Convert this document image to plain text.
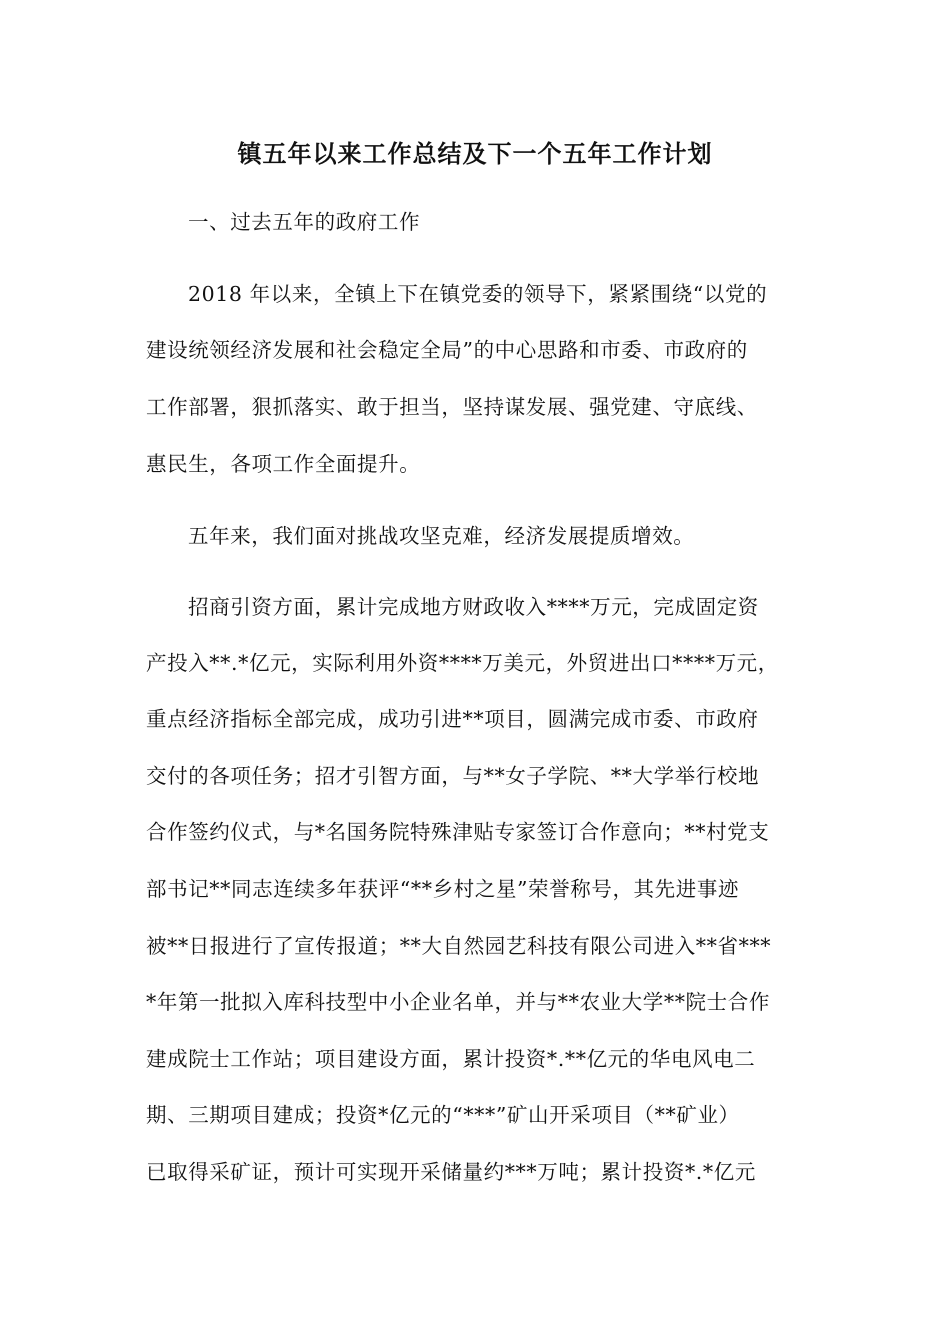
镇五年以来工作总结及下一个五年工作计划
一、过去五年的政府工作
2018 年以来，全镇上下在镇党委的领导下，紧紧围绕“以党的
建设统领经济发展和社会稳定全局”的中心思路和市委、市政府的
工作部署，狠抓落实、敢于担当，坚持谋发展、强党建、守底线、
惠民生，各项工作全面提升。
五年来，我们面对挑战攻坚克难，经济发展提质增效。
招商引资方面，累计完成地方财政收入****万元，完成固定资
产投入**.*亿元，实际利用外资****万美元，外贸进出口****万元，
重点经济指标全部完成，成功引进**项目，圆满完成市委、市政府
交付的各项任务；招才引智方面，与**女子学院、**大学举行校地
合作签约仪式，与*名国务院特殊津贴专家签订合作意向；**村党支
部书记**同志连续多年获评“**乡村之星”荣誉称号，其先进事迹
被**日报进行了宣传报道；**大自然园艺科技有限公司进入**省***
*年第一批拟入库科技型中小企业名单，并与**农业大学**院士合作
建成院士工作站；项目建设方面，累计投资*.**亿元的华电风电二
期、三期项目建成；投资*亿元的“***”矿山开采项目（**矿业）
已取得采矿证，预计可实现开采储量约***万吨；累计投资*.*亿元
